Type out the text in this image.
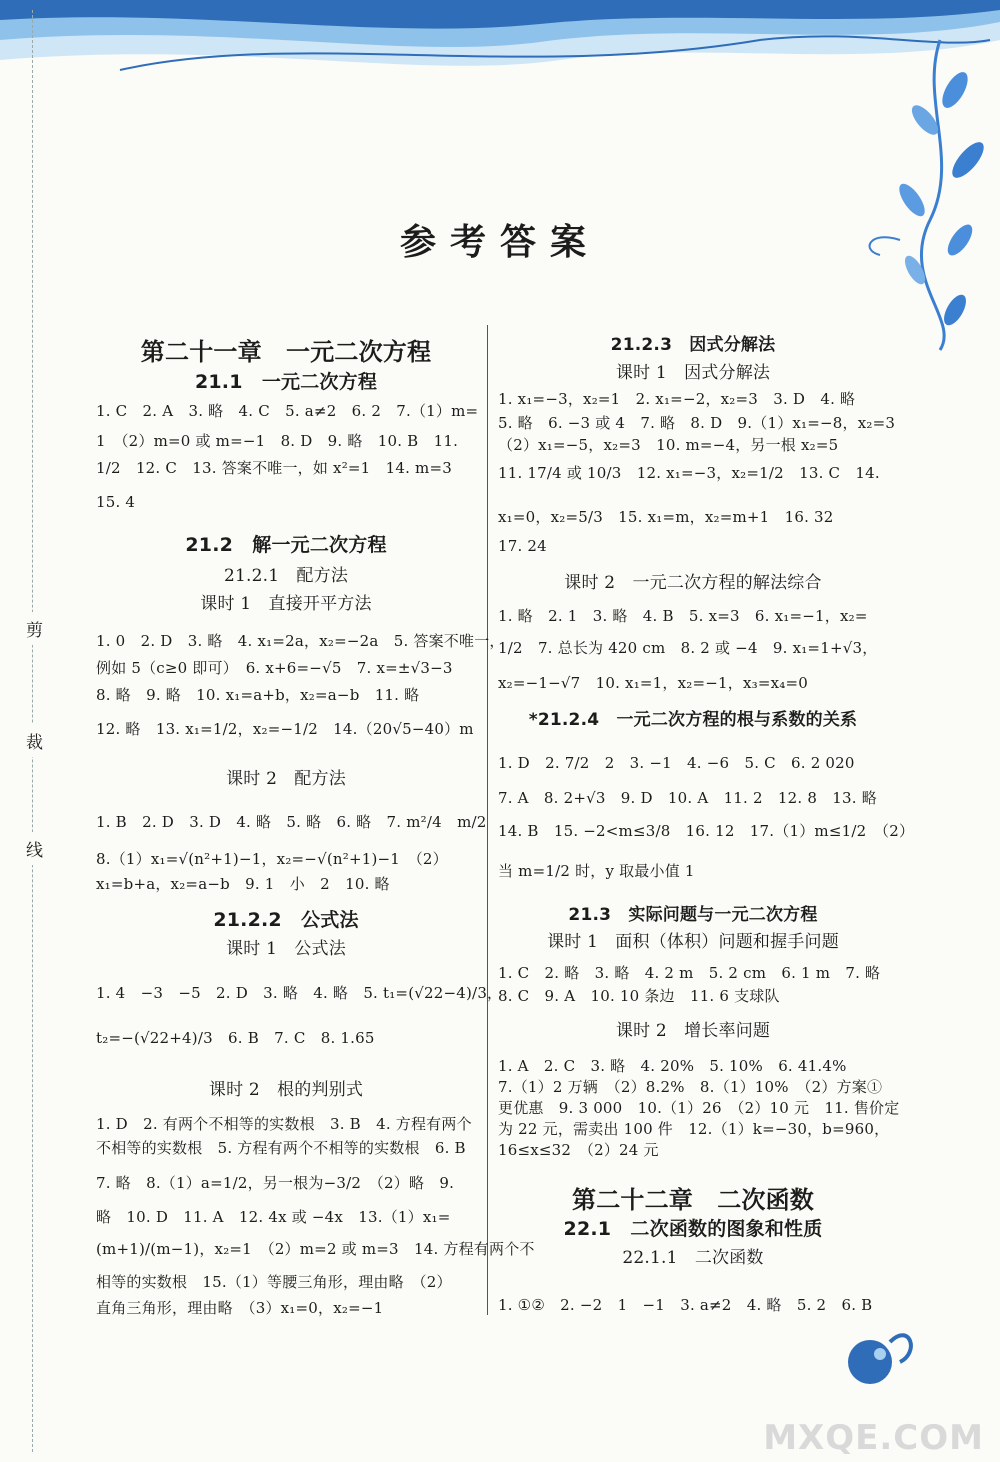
剪
裁
线
参考答案
第二十一章　一元二次方程
21.1　一元二次方程
1. C　2. A　3. 略　4. C　5. a≠2　6. 2　7.（1）m=
1　（2）m=0 或 m=−1　8. D　9. 略　10. B　11.
1/2　12. C　13. 答案不唯一，如 x²=1　14. m=3
15. 4
21.2　解一元二次方程
21.2.1　配方法
课时 1　直接开平方法
1. 0　2. D　3. 略　4. x₁=2a，x₂=−2a　5. 答案不唯一，
例如 5（c≥0 即可）　6. x+6=−√5　7. x=±√3−3
8. 略　9. 略　10. x₁=a+b，x₂=a−b　11. 略
12. 略　13. x₁=1/2，x₂=−1/2　14.（20√5−40）m
课时 2　配方法
1. B　2. D　3. D　4. 略　5. 略　6. 略　7. m²/4　m/2
8.（1）x₁=√(n²+1)−1，x₂=−√(n²+1)−1　（2）
x₁=b+a，x₂=a−b　9. 1　小　2　10. 略
21.2.2　公式法
课时 1　公式法
1. 4　−3　−5　2. D　3. 略　4. 略　5. t₁=(√22−4)/3，
t₂=−(√22+4)/3　6. B　7. C　8. 1.65
课时 2　根的判别式
1. D　2. 有两个不相等的实数根　3. B　4. 方程有两个
不相等的实数根　5. 方程有两个不相等的实数根　6. B
7. 略　8.（1）a=1/2，另一根为−3/2　（2）略　9.
略　10. D　11. A　12. 4x 或 −4x　13.（1）x₁=
(m+1)/(m−1)，x₂=1　（2）m=2 或 m=3　14. 方程有两个不
相等的实数根　15.（1）等腰三角形，理由略　（2）
直角三角形，理由略　（3）x₁=0，x₂=−1
21.2.3　因式分解法
课时 1　因式分解法
1. x₁=−3，x₂=1　2. x₁=−2，x₂=3　3. D　4. 略
5. 略　6. −3 或 4　7. 略　8. D　9.（1）x₁=−8，x₂=3
（2）x₁=−5，x₂=3　10. m=−4，另一根 x₂=5
11. 17/4 或 10/3　12. x₁=−3，x₂=1/2　13. C　14.
x₁=0，x₂=5/3　15. x₁=m，x₂=m+1　16. 32
17. 24
课时 2　一元二次方程的解法综合
1. 略　2. 1　3. 略　4. B　5. x=3　6. x₁=−1，x₂=
1/2　7. 总长为 420 cm　8. 2 或 −4　9. x₁=1+√3，
x₂=−1−√7　10. x₁=1，x₂=−1，x₃=x₄=0
*21.2.4　一元二次方程的根与系数的关系
1. D　2. 7/2　2　3. −1　4. −6　5. C　6. 2 020
7. A　8. 2+√3　9. D　10. A　11. 2　12. 8　13. 略
14. B　15. −2<m≤3/8　16. 12　17.（1）m≤1/2　（2）
当 m=1/2 时，y 取最小值 1
21.3　实际问题与一元二次方程
课时 1　面积（体积）问题和握手问题
1. C　2. 略　3. 略　4. 2 m　5. 2 cm　6. 1 m　7. 略
8. C　9. A　10. 10 条边　11. 6 支球队
课时 2　增长率问题
1. A　2. C　3. 略　4. 20%　5. 10%　6. 41.4%
7.（1）2 万辆　（2）8.2%　8.（1）10%　（2）方案①
更优惠　9. 3 000　10.（1）26　（2）10 元　11. 售价定
为 22 元，需卖出 100 件　12.（1）k=−30，b=960，
16≤x≤32　（2）24 元
第二十二章　二次函数
22.1　二次函数的图象和性质
22.1.1　二次函数
1. ①②　2. −2　1　−1　3. a≠2　4. 略　5. 2　6. B
MXQE.COM
